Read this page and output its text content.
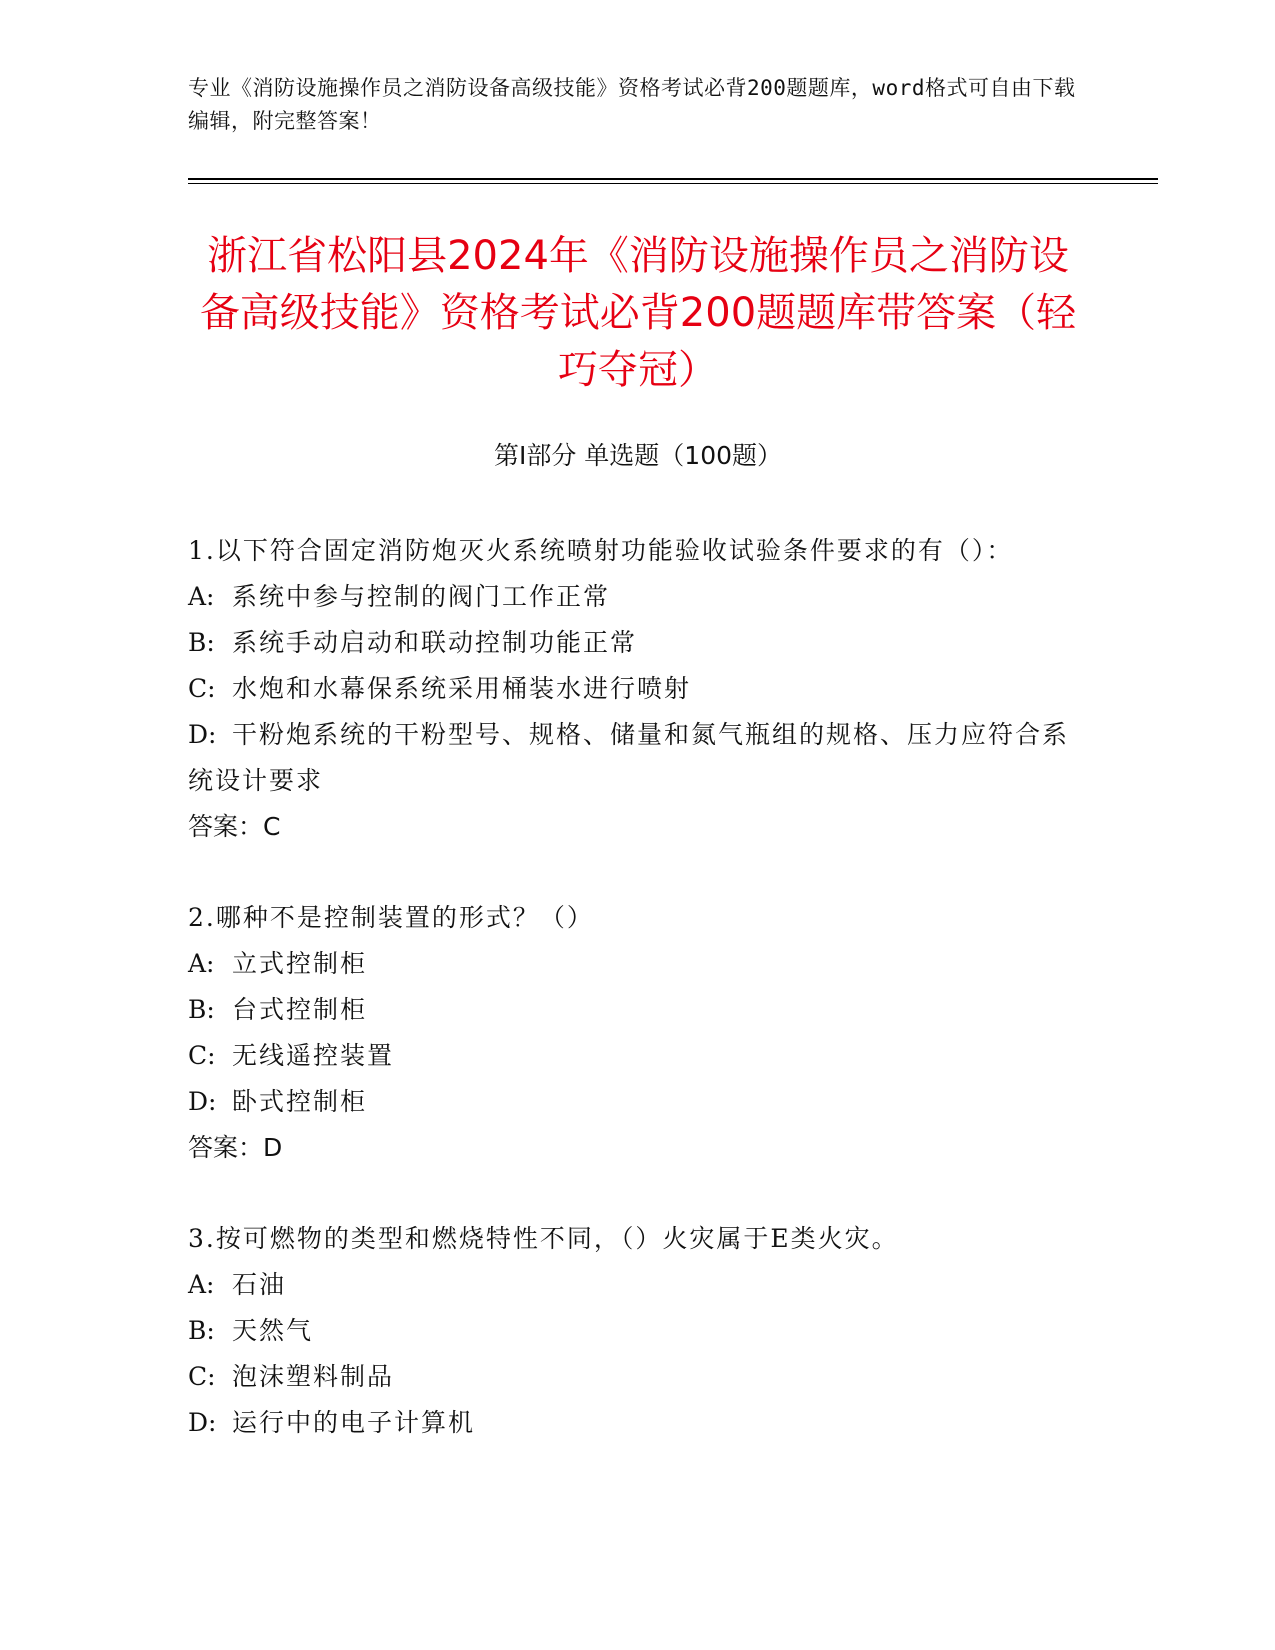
专业《消防设施操作员之消防设备高级技能》资格考试必背200题题库，word格式可自由下载编辑，附完整答案！
浙江省松阳县2024年《消防设施操作员之消防设备高级技能》资格考试必背200题题库带答案（轻巧夺冠）
第I部分 单选题（100题）
1.以下符合固定消防炮灭火系统喷射功能验收试验条件要求的有（）：
A: 系统中参与控制的阀门工作正常
B: 系统手动启动和联动控制功能正常
C: 水炮和水幕保系统采用桶装水进行喷射
D: 干粉炮系统的干粉型号、规格、储量和氮气瓶组的规格、压力应符合系统设计要求
答案：C
2.哪种不是控制装置的形式？（）
A: 立式控制柜
B: 台式控制柜
C: 无线遥控装置
D: 卧式控制柜
答案：D
3.按可燃物的类型和燃烧特性不同，（）火灾属于E类火灾。
A: 石油
B: 天然气
C: 泡沫塑料制品
D: 运行中的电子计算机
